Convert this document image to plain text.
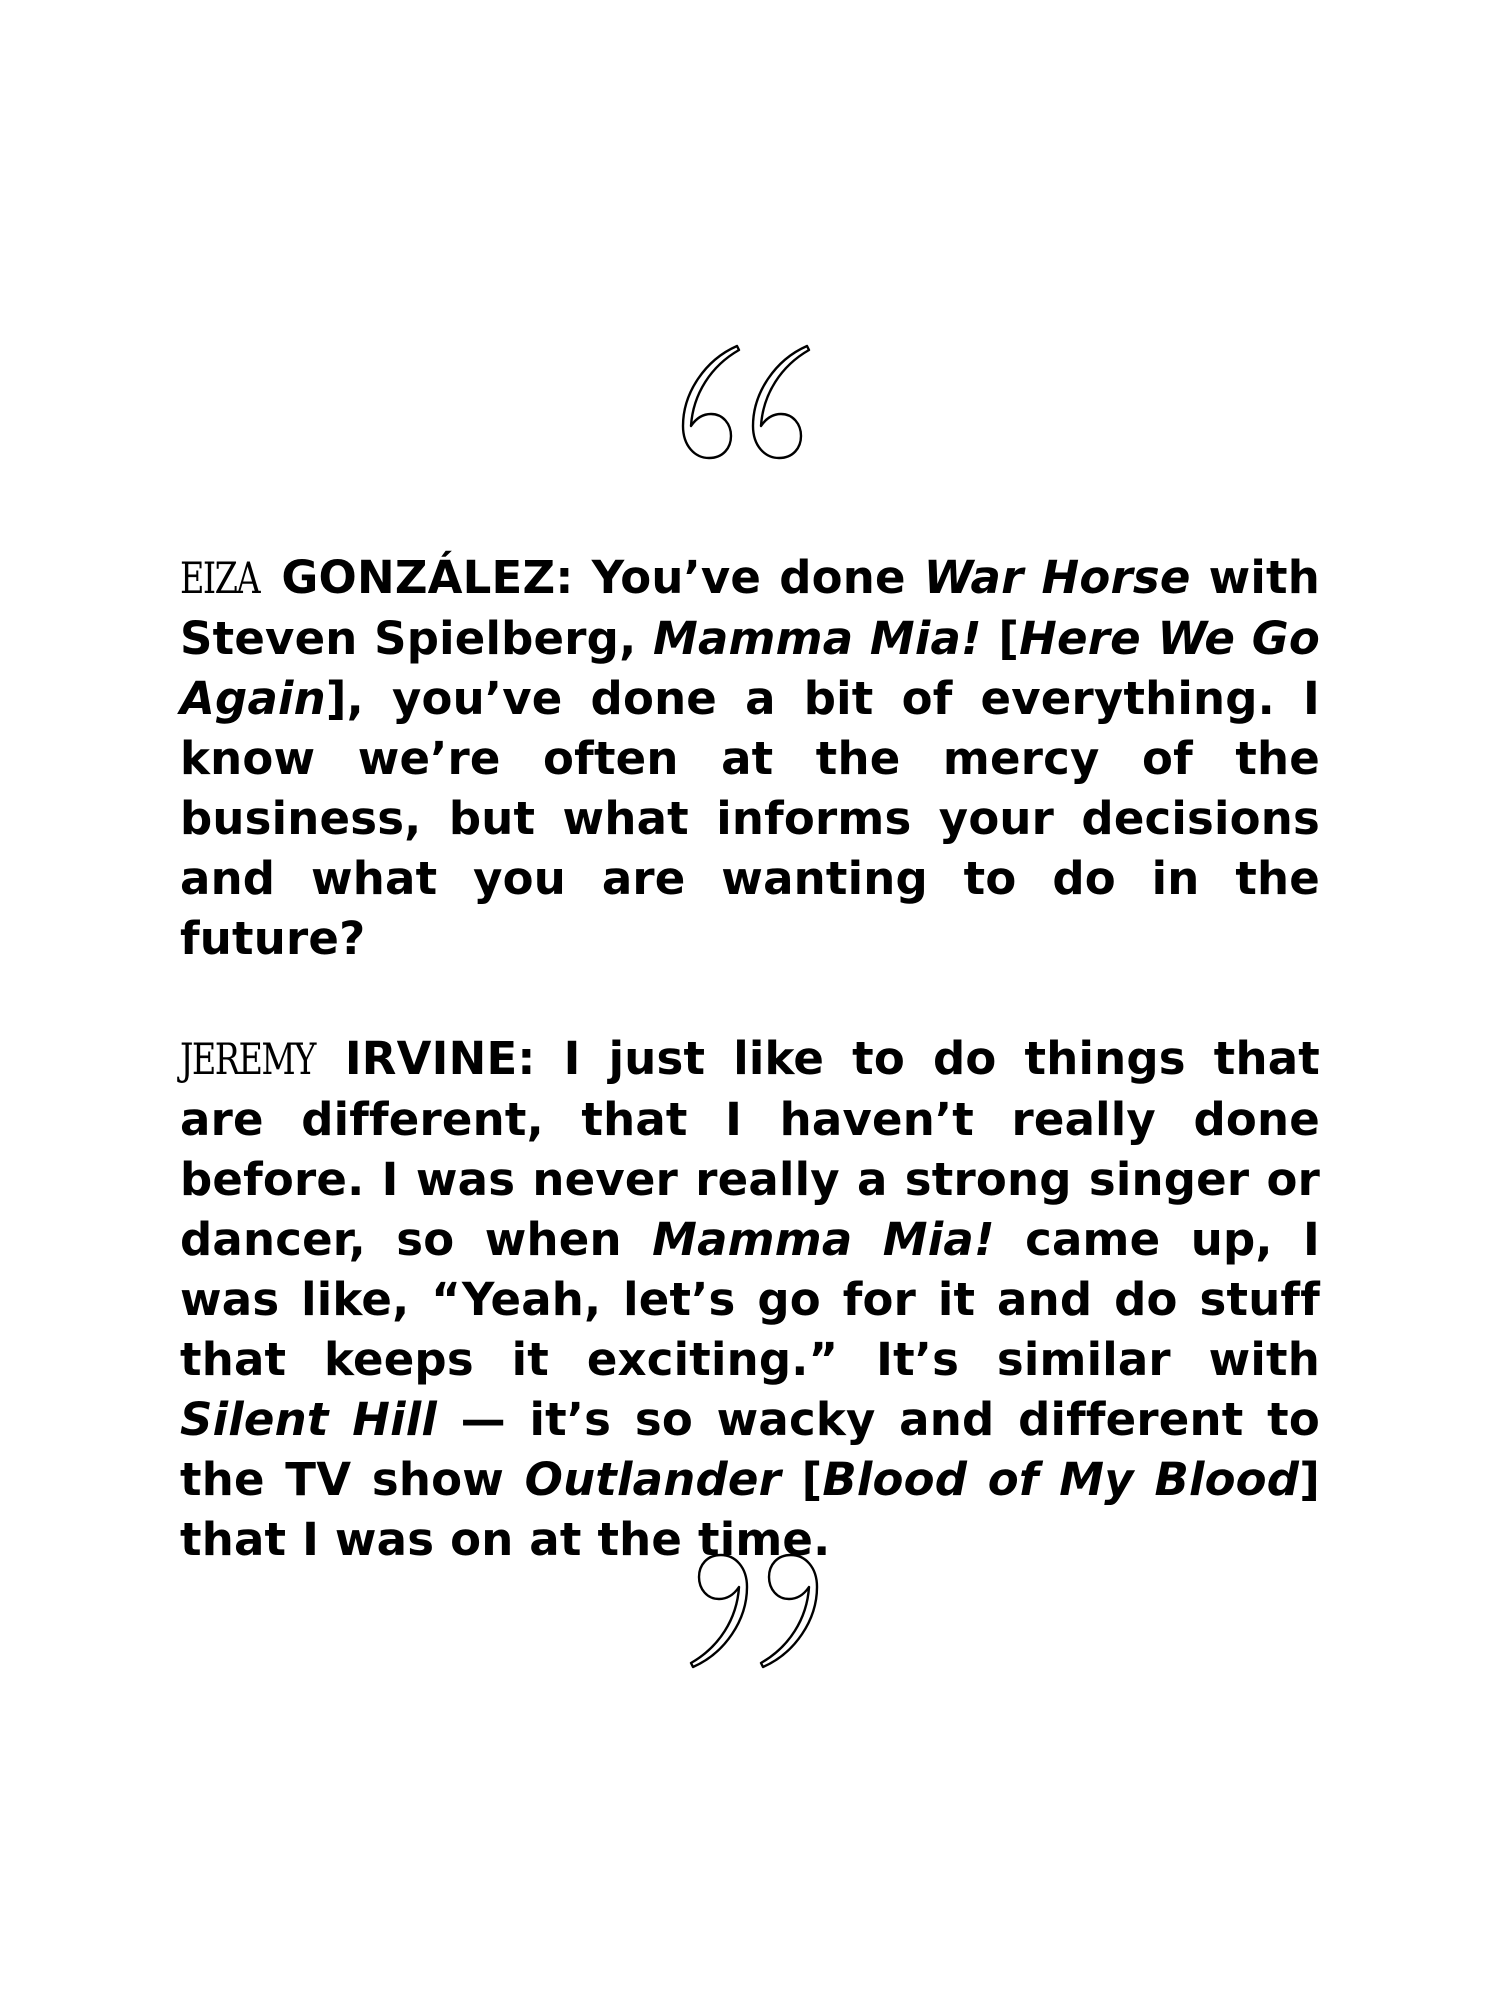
EIZA GONZÁLEZ: You’ve done War Horse with Steven Spielberg, Mamma Mia! [Here We Go Again], you’ve done a bit of everything. I know we’re often at the mercy of the business, but what informs your decisions and what you are wanting to do in the future?

JEREMY IRVINE: I just like to do things that are different, that I haven’t really done before. I was never really a strong singer or dancer, so when Mamma Mia! came up, I was like, “Yeah, let’s go for it and do stuff that keeps it exciting.” It’s similar with Silent Hill — it’s so wacky and different to the TV show Outlander [Blood of My Blood] that I was on at the time.
